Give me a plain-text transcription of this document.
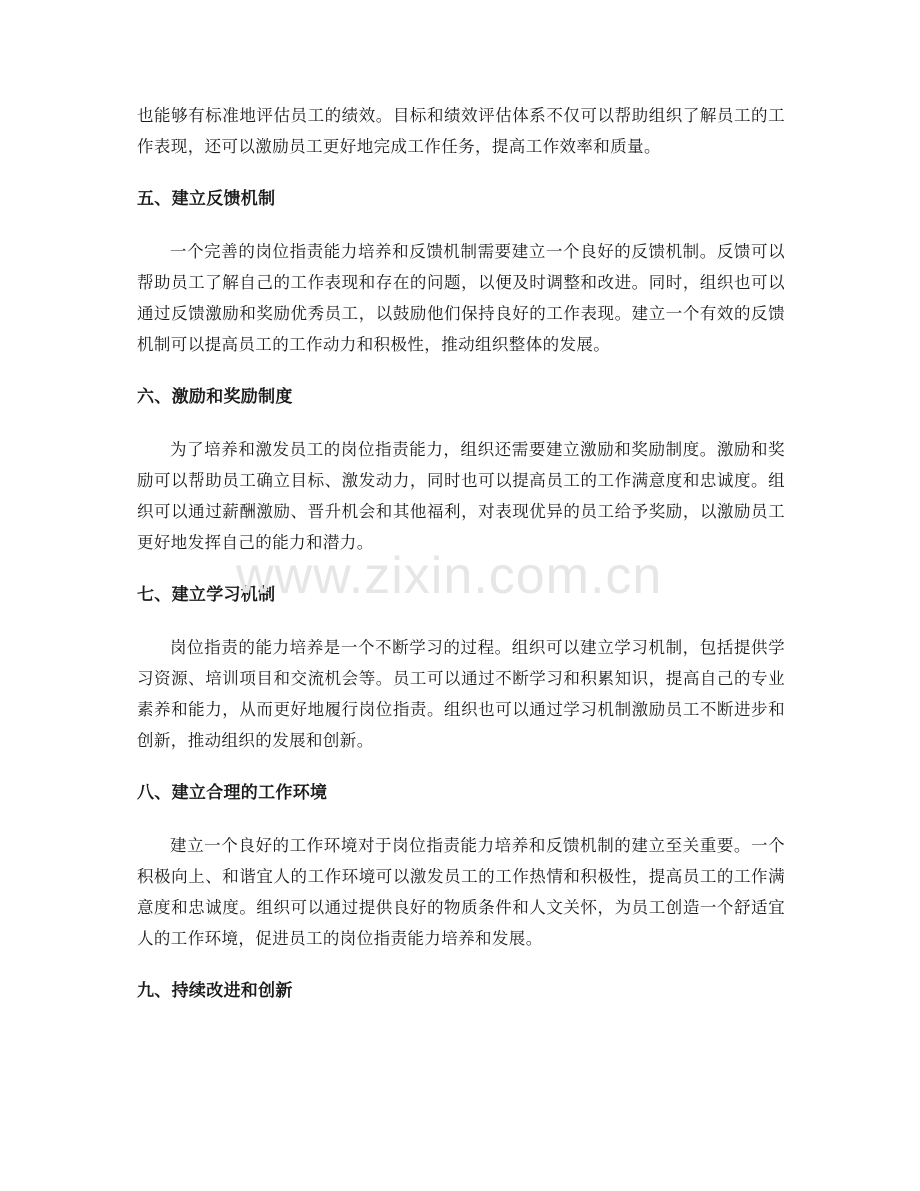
也能够有标准地评估员工的绩效。目标和绩效评估体系不仅可以帮助组织了解员工的工作表现，还可以激励员工更好地完成工作任务，提高工作效率和质量。

五、建立反馈机制

一个完善的岗位指责能力培养和反馈机制需要建立一个良好的反馈机制。反馈可以帮助员工了解自己的工作表现和存在的问题，以便及时调整和改进。同时，组织也可以通过反馈激励和奖励优秀员工，以鼓励他们保持良好的工作表现。建立一个有效的反馈机制可以提高员工的工作动力和积极性，推动组织整体的发展。

六、激励和奖励制度

为了培养和激发员工的岗位指责能力，组织还需要建立激励和奖励制度。激励和奖励可以帮助员工确立目标、激发动力，同时也可以提高员工的工作满意度和忠诚度。组织可以通过薪酬激励、晋升机会和其他福利，对表现优异的员工给予奖励，以激励员工更好地发挥自己的能力和潜力。

七、建立学习机制

岗位指责的能力培养是一个不断学习的过程。组织可以建立学习机制，包括提供学习资源、培训项目和交流机会等。员工可以通过不断学习和积累知识，提高自己的专业素养和能力，从而更好地履行岗位指责。组织也可以通过学习机制激励员工不断进步和创新，推动组织的发展和创新。

八、建立合理的工作环境

建立一个良好的工作环境对于岗位指责能力培养和反馈机制的建立至关重要。一个积极向上、和谐宜人的工作环境可以激发员工的工作热情和积极性，提高员工的工作满意度和忠诚度。组织可以通过提供良好的物质条件和人文关怀，为员工创造一个舒适宜人的工作环境，促进员工的岗位指责能力培养和发展。

九、持续改进和创新
www.zixin.com.cn
